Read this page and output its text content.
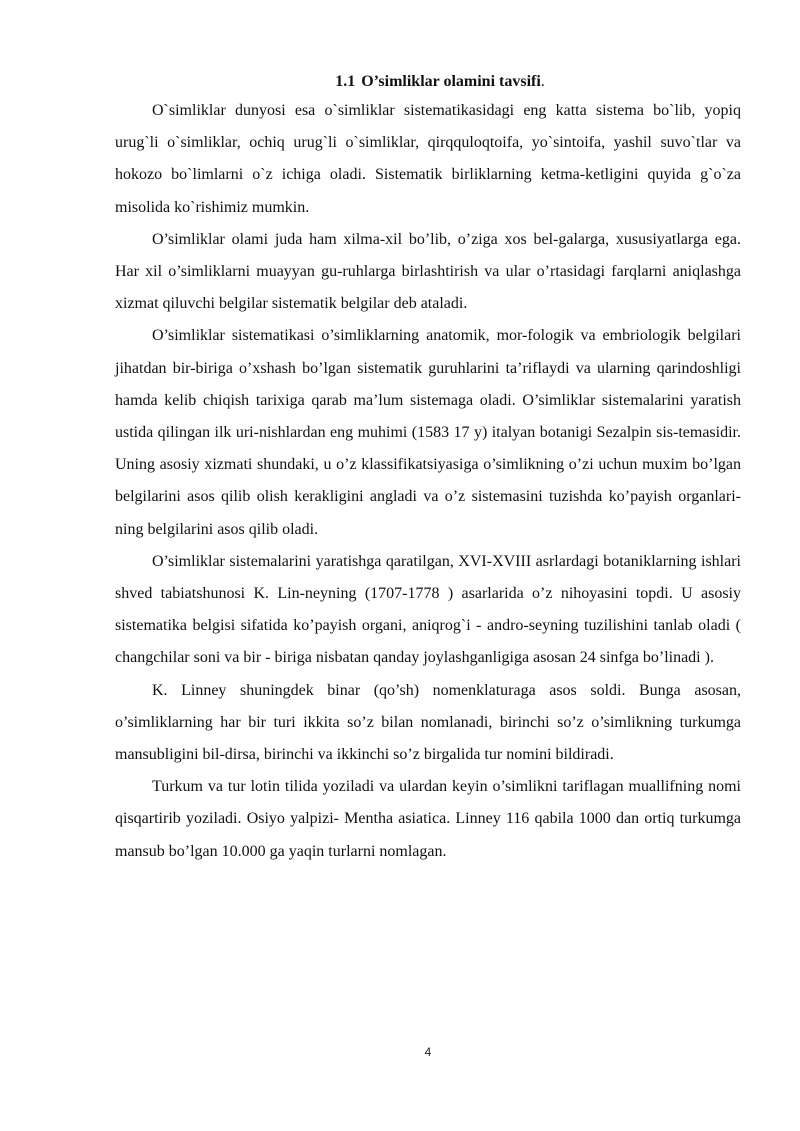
1.1 O’simliklar olamini tavsifi.

O`simliklar dunyosi esa o`simliklar sistematikasidagi eng katta sistema bo`lib, yopiq urug`li o`simliklar, ochiq urug`li o`simliklar, qirqquloqtoifa, yo`sintoifa, yashil suvo`tlar va hokozo bo`limlarni o`z ichiga oladi. Sistematik birliklarning ketma-ketligini quyida g`o`za misolida ko`rishimiz mumkin.

O’simliklar olami juda ham xilma-xil bo’lib, o’ziga xos bel-galarga, xususiyatlarga ega. Har xil o’simliklarni muayyan gu-ruhlarga birlashtirish va ular o’rtasidagi farqlarni aniqlashga xizmat qiluvchi belgilar sistematik belgilar deb ataladi.

O’simliklar sistematikasi o’simliklarning anatomik, mor-fologik va embriologik belgilari jihatdan bir-biriga o’xshash bo’lgan sistematik guruhlarini ta’riflaydi va ularning qarindoshligi hamda kelib chiqish tarixiga qarab ma’lum sistemaga oladi. O’simliklar sistemalarini yaratish ustida qilingan ilk uri-nishlardan eng muhimi (1583 17 y) italyan botanigi Sezalpin sis-temasidir. Uning asosiy xizmati shundaki, u o’z klassifikatsiyasiga o’simlikning o’zi uchun muxim bo’lgan belgilarini asos qilib olish kerakligini angladi va o’z sistemasini tuzishda ko’payish organlari-ning belgilarini asos qilib oladi.

O’simliklar sistemalarini yaratishga qaratilgan, XVI-XVIII asrlardagi botaniklarning ishlari shved tabiatshunosi K. Lin-neyning (1707-1778 ) asarlarida o’z nihoyasini topdi. U asosiy sistematika belgisi sifatida ko’payish organi, aniqrog`i - andro-seyning tuzilishini tanlab oladi ( changchilar soni va bir - biriga nisbatan qanday joylashganligiga asosan 24 sinfga bo’linadi ).

K. Linney shuningdek binar (qo’sh) nomenklaturaga asos soldi. Bunga asosan, o’simliklarning har bir turi ikkita so’z bilan nomlanadi, birinchi so’z o’simlikning turkumga mansubligini bil-dirsa, birinchi va ikkinchi so’z birgalida tur nomini bildiradi.

Turkum va tur lotin tilida yoziladi va ulardan keyin o’simlikni tariflagan muallifning nomi qisqartirib yoziladi. Osiyo yalpizi- Mentha asiatica. Linney 116 qabila 1000 dan ortiq turkumga mansub bo’lgan 10.000 ga yaqin turlarni nomlagan.

4
